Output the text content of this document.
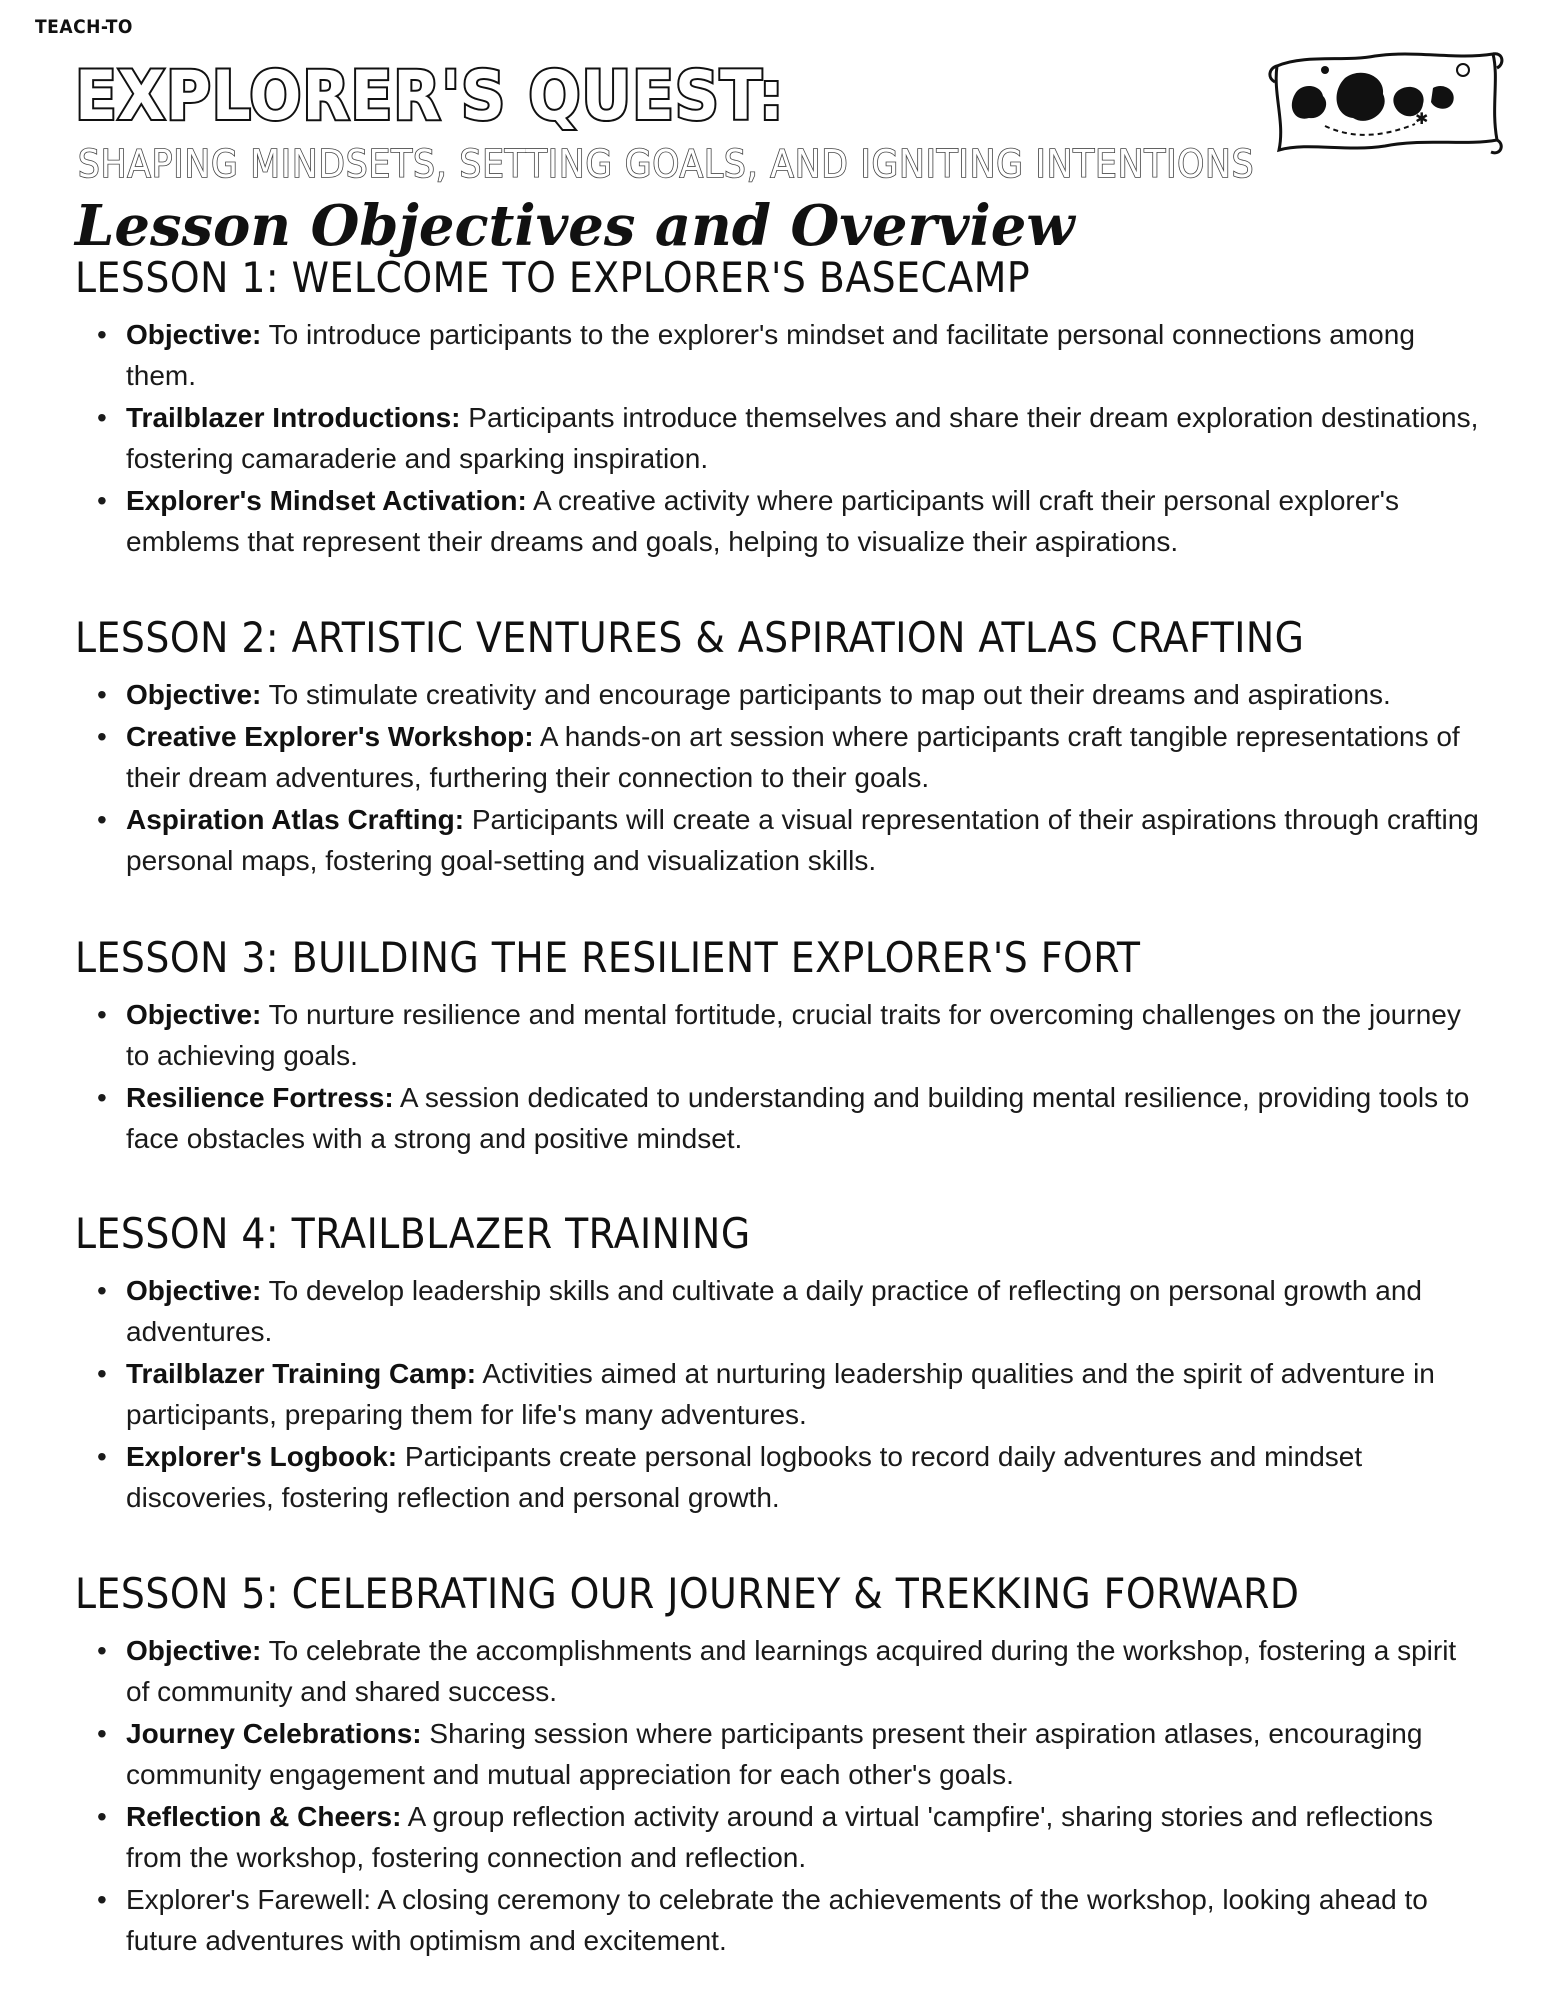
TEACH-TO
EXPLORER'S QUEST:
SHAPING MINDSETS, SETTING GOALS, AND IGNITING INTENTIONS
Lesson Objectives and Overview
✱
LESSON 1: WELCOME TO EXPLORER'S BASECAMP
• Objective: To introduce participants to the explorer's mindset and facilitate personal connections among them.
• Trailblazer Introductions: Participants introduce themselves and share their dream exploration destinations, fostering camaraderie and sparking inspiration.
• Explorer's Mindset Activation: A creative activity where participants will craft their personal explorer's emblems that represent their dreams and goals, helping to visualize their aspirations.
LESSON 2: ARTISTIC VENTURES & ASPIRATION ATLAS CRAFTING
• Objective: To stimulate creativity and encourage participants to map out their dreams and aspirations.
• Creative Explorer's Workshop: A hands-on art session where participants craft tangible representations of their dream adventures, furthering their connection to their goals.
• Aspiration Atlas Crafting: Participants will create a visual representation of their aspirations through crafting personal maps, fostering goal-setting and visualization skills.
LESSON 3: BUILDING THE RESILIENT EXPLORER'S FORT
• Objective: To nurture resilience and mental fortitude, crucial traits for overcoming challenges on the journey to achieving goals.
• Resilience Fortress: A session dedicated to understanding and building mental resilience, providing tools to face obstacles with a strong and positive mindset.
LESSON 4: TRAILBLAZER TRAINING
• Objective: To develop leadership skills and cultivate a daily practice of reflecting on personal growth and adventures.
• Trailblazer Training Camp: Activities aimed at nurturing leadership qualities and the spirit of adventure in participants, preparing them for life's many adventures.
• Explorer's Logbook: Participants create personal logbooks to record daily adventures and mindset discoveries, fostering reflection and personal growth.
LESSON 5: CELEBRATING OUR JOURNEY & TREKKING FORWARD
• Objective: To celebrate the accomplishments and learnings acquired during the workshop, fostering a spirit of community and shared success.
• Journey Celebrations: Sharing session where participants present their aspiration atlases, encouraging community engagement and mutual appreciation for each other's goals.
• Reflection & Cheers: A group reflection activity around a virtual 'campfire', sharing stories and reflections from the workshop, fostering connection and reflection.
• Explorer's Farewell: A closing ceremony to celebrate the achievements of the workshop, looking ahead to future adventures with optimism and excitement.
